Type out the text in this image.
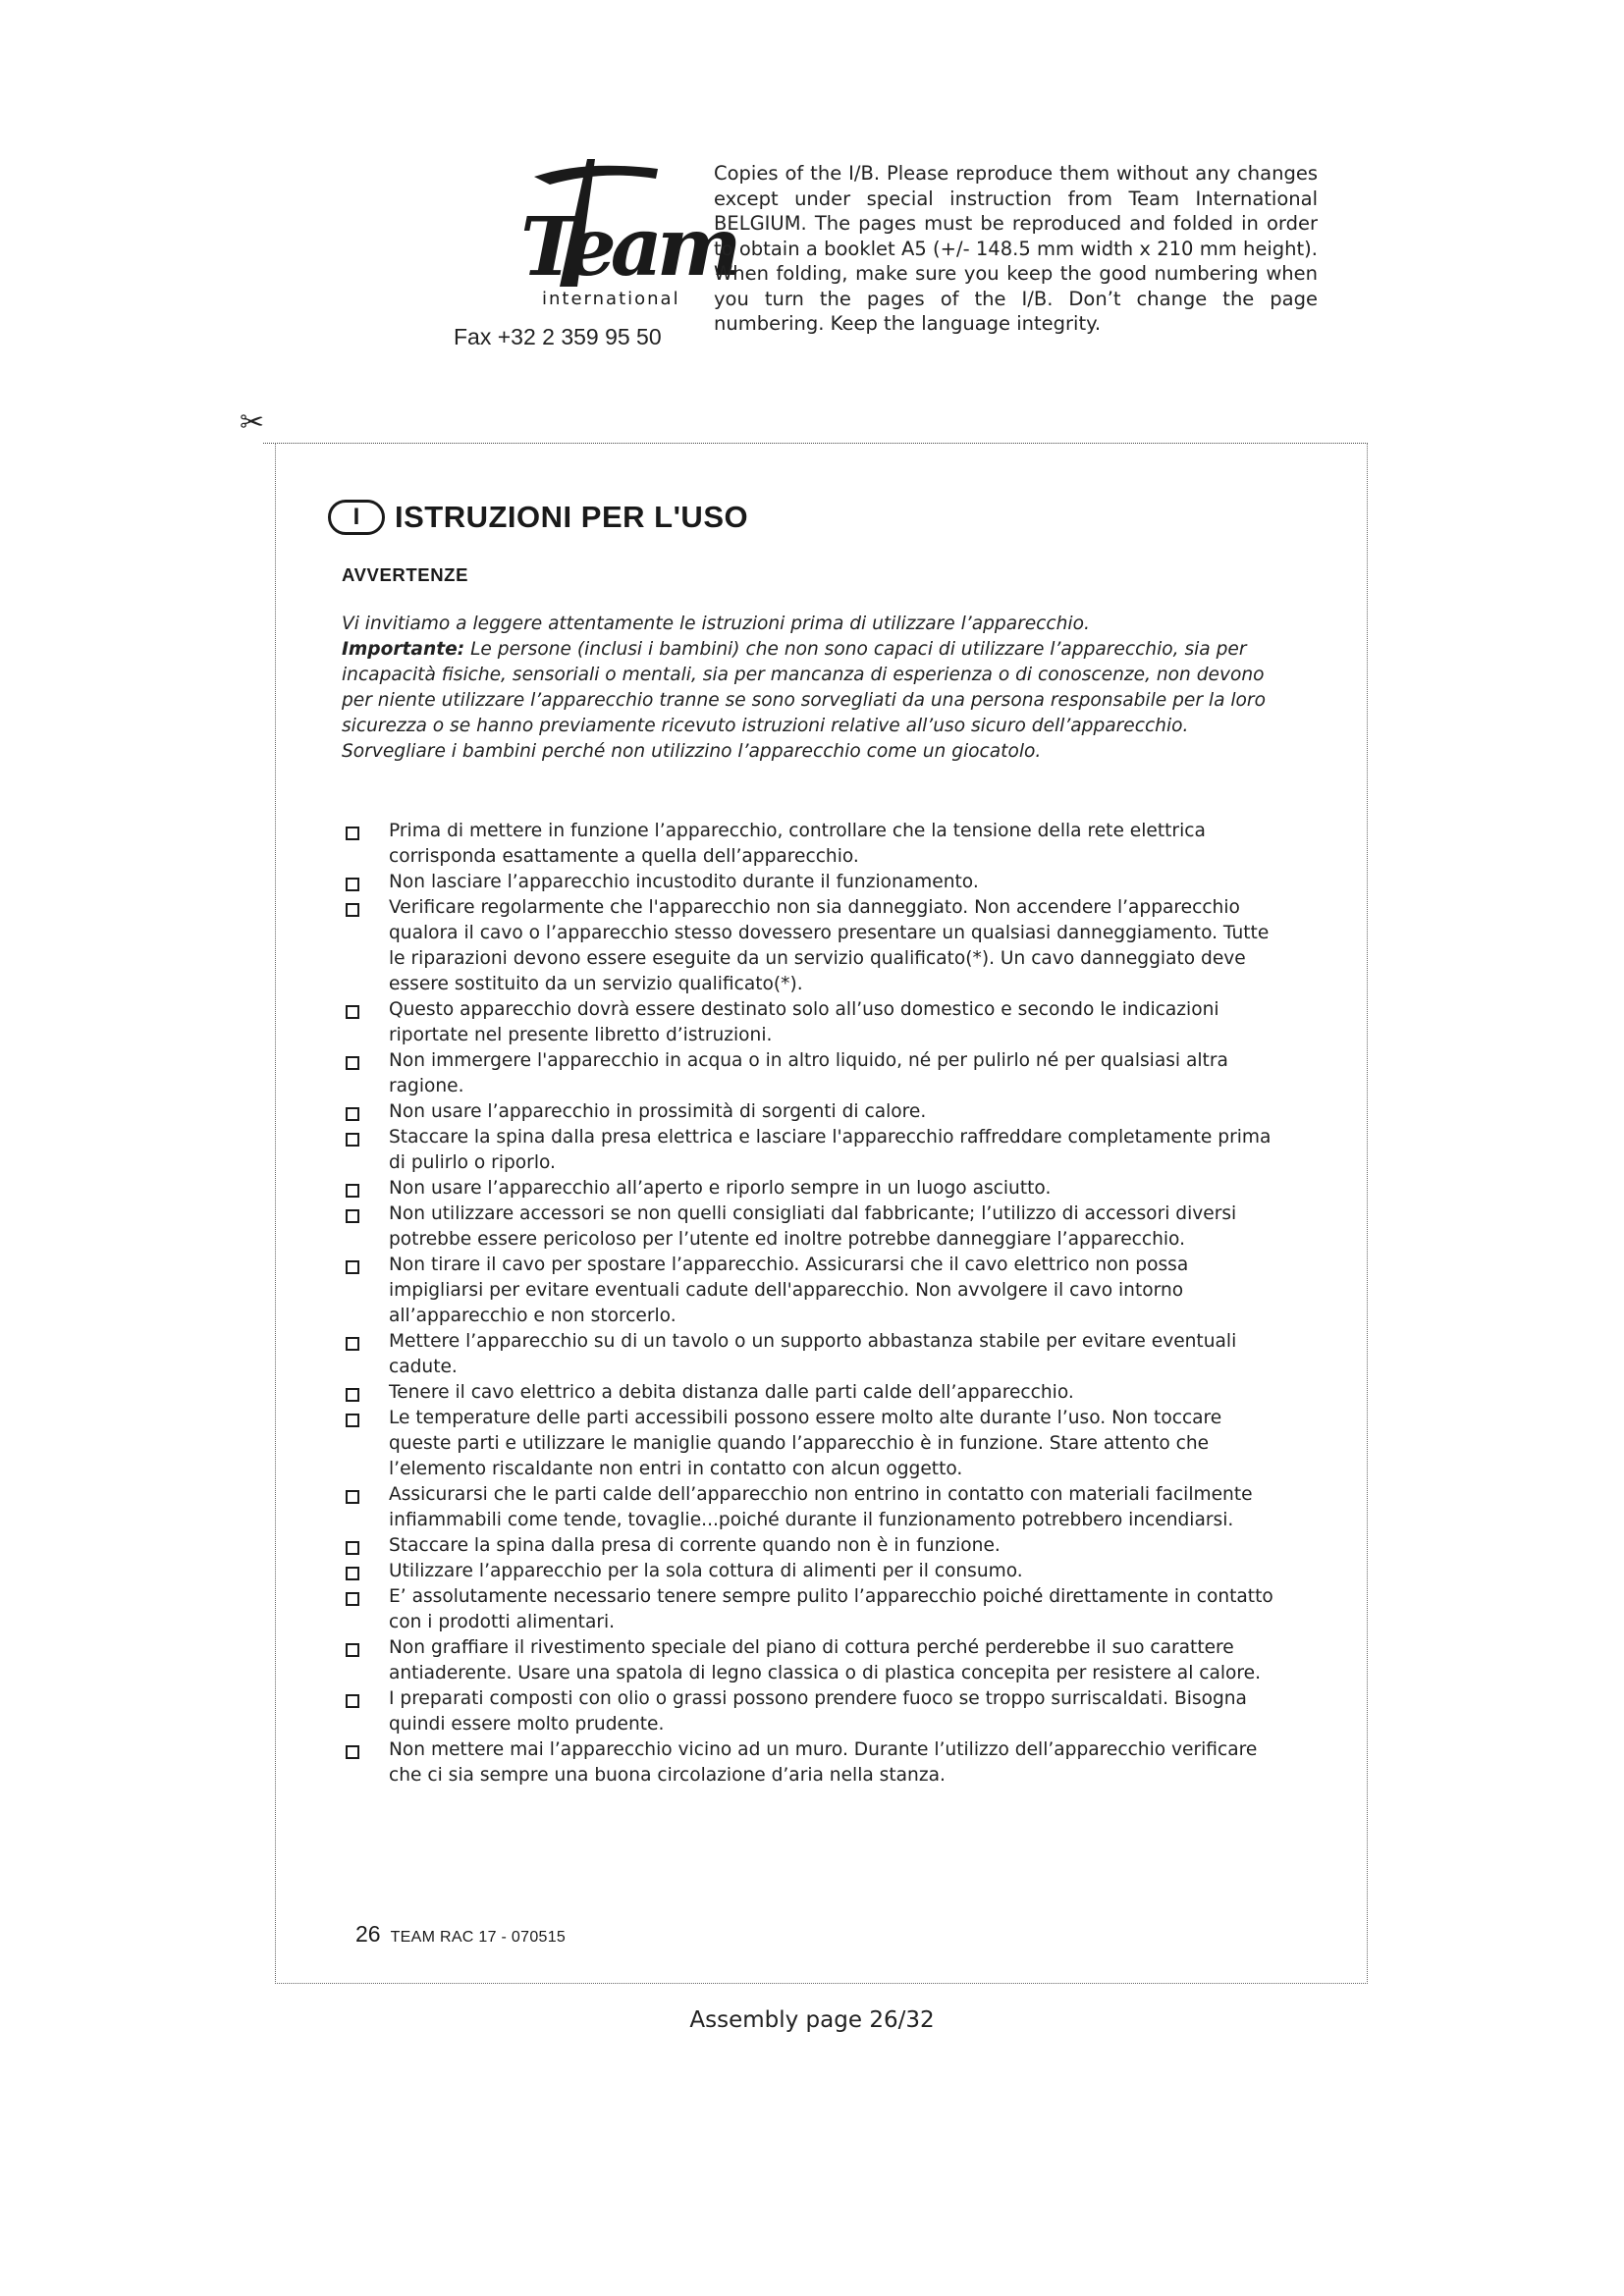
Team
international
Fax +32 2 359 95 50
Copies of the I/B. Please reproduce them without any changes except under special instruction from Team International BELGIUM. The pages must be reproduced and folded in order to obtain a booklet A5 (+/- 148.5 mm width x 210 mm height). When folding, make sure you keep the good numbering when you turn the pages of the I/B. Don’t change the page numbering. Keep the language integrity.
✂
I	ISTRUZIONI PER L'USO
AVVERTENZE

Vi invitiamo a leggere attentamente le istruzioni prima di utilizzare l’apparecchio.

Importante: Le persone (inclusi i bambini) che non sono capaci di utilizzare l’apparecchio, sia per incapacità fisiche, sensoriali o mentali, sia per mancanza di esperienza o di conoscenze, non devono per niente utilizzare l’apparecchio tranne se sono sorvegliati da una persona responsabile per la loro sicurezza o se hanno previamente ricevuto istruzioni relative all’uso sicuro dell’apparecchio.

Sorvegliare i bambini perché non utilizzino l’apparecchio come un giocatolo.

Prima di mettere in funzione l’apparecchio, controllare che la tensione della rete elettrica corrisponda esattamente a quella dell’apparecchio.
Non lasciare l’apparecchio incustodito durante il funzionamento.
Verificare regolarmente che l'apparecchio non sia danneggiato. Non accendere l’apparecchio qualora il cavo o l’apparecchio stesso dovessero presentare un qualsiasi danneggiamento. Tutte le riparazioni devono essere eseguite da un servizio qualificato(*). Un cavo danneggiato deve essere sostituito da un servizio qualificato(*).
Questo apparecchio dovrà essere destinato solo all’uso domestico e secondo le indicazioni riportate nel presente libretto d’istruzioni.
Non immergere l'apparecchio in acqua o in altro liquido, né per pulirlo né per qualsiasi altra ragione.
Non usare l’apparecchio in prossimità di sorgenti di calore.
Staccare la spina dalla presa elettrica e lasciare l'apparecchio raffreddare completamente prima di pulirlo o riporlo.
Non usare l’apparecchio all’aperto e riporlo sempre in un luogo asciutto.
Non utilizzare accessori se non quelli consigliati dal fabbricante; l’utilizzo di accessori diversi potrebbe essere pericoloso per l’utente ed inoltre potrebbe danneggiare l’apparecchio.
Non tirare il cavo per spostare l’apparecchio. Assicurarsi che il cavo elettrico non possa impigliarsi per evitare eventuali cadute dell'apparecchio. Non avvolgere il cavo intorno all’apparecchio e non storcerlo.
Mettere l’apparecchio su di un tavolo o un supporto abbastanza stabile per evitare eventuali cadute.
Tenere il cavo elettrico a debita distanza dalle parti calde dell’apparecchio.
Le temperature delle parti accessibili possono essere molto alte durante l’uso. Non toccare queste parti e utilizzare le maniglie quando l’apparecchio è in funzione. Stare attento che l’elemento riscaldante non entri in contatto con alcun oggetto.
Assicurarsi che le parti calde dell’apparecchio non entrino in contatto con materiali facilmente infiammabili come tende, tovaglie...poiché durante il funzionamento potrebbero incendiarsi.
Staccare la spina dalla presa di corrente quando non è in funzione.
Utilizzare l’apparecchio per la sola cottura di alimenti per il consumo.
E’ assolutamente necessario tenere sempre pulito l’apparecchio poiché direttamente in contatto con i prodotti alimentari.
Non graffiare il rivestimento speciale del piano di cottura perché perderebbe il suo carattere antiaderente. Usare una spatola di legno classica o di plastica concepita per resistere al calore.
I preparati composti con olio o grassi possono prendere fuoco se troppo surriscaldati. Bisogna quindi essere molto prudente.
Non mettere mai l’apparecchio vicino ad un muro. Durante l’utilizzo dell’apparecchio verificare che ci sia sempre una buona circolazione d’aria nella stanza.
26 TEAM RAC 17 - 070515
Assembly page 26/32
